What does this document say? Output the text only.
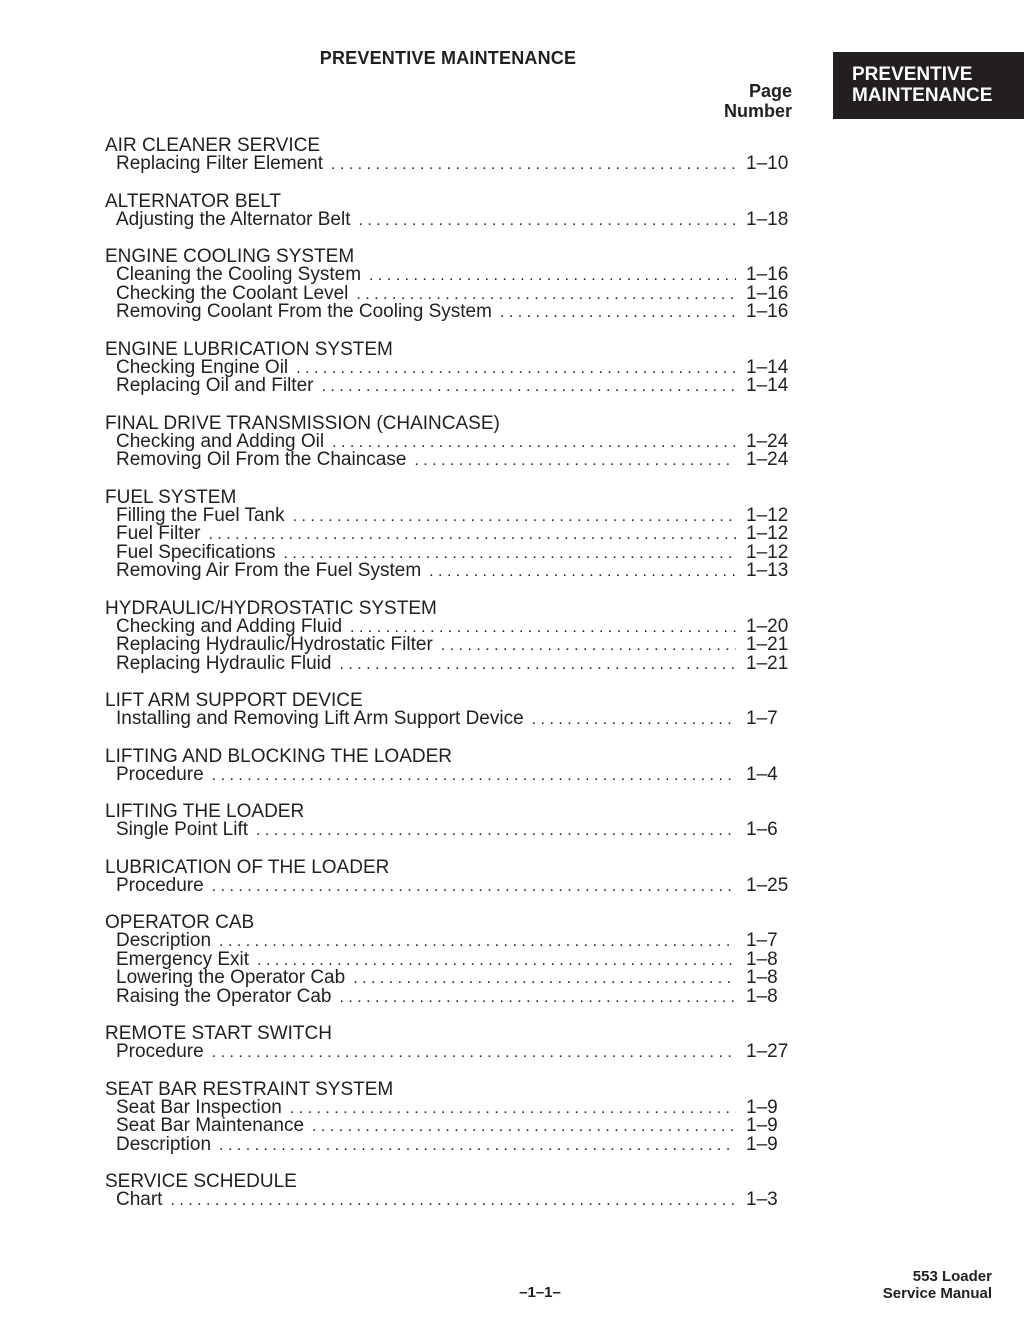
PREVENTIVE MAINTENANCE
PREVENTIVE
MAINTENANCE
Page
Number
AIR CLEANER SERVICE
Replacing Filter Element . . .	1–10
ALTERNATOR BELT
Adjusting the Alternator Belt . . .	1–18
ENGINE COOLING SYSTEM
Cleaning the Cooling System . . .	1–16
Checking the Coolant Level . . .	1–16
Removing Coolant From the Cooling System . . .	1–16
ENGINE LUBRICATION SYSTEM
Checking Engine Oil . . .	1–14
Replacing Oil and Filter . . .	1–14
FINAL DRIVE TRANSMISSION (CHAINCASE)
Checking and Adding Oil . . .	1–24
Removing Oil From the Chaincase . . .	1–24
FUEL SYSTEM
Filling the Fuel Tank . . .	1–12
Fuel Filter . . .	1–12
Fuel Specifications . . .	1–12
Removing Air From the Fuel System . . .	1–13
HYDRAULIC/HYDROSTATIC SYSTEM
Checking and Adding Fluid . . .	1–20
Replacing Hydraulic/Hydrostatic Filter . . .	1–21
Replacing Hydraulic Fluid . . .	1–21
LIFT ARM SUPPORT DEVICE
Installing and Removing Lift Arm Support Device . . .	1–7
LIFTING AND BLOCKING THE LOADER
Procedure . . .	1–4
LIFTING THE LOADER
Single Point Lift . . .	1–6
LUBRICATION OF THE LOADER
Procedure . . .	1–25
OPERATOR CAB
Description . . .	1–7
Emergency Exit . . .	1–8
Lowering the Operator Cab . . .	1–8
Raising the Operator Cab . . .	1–8
REMOTE START SWITCH
Procedure . . .	1–27
SEAT BAR RESTRAINT SYSTEM
Seat Bar Inspection . . .	1–9
Seat Bar Maintenance . . .	1–9
Description . . .	1–9
SERVICE SCHEDULE
Chart . . .	1–3
–1–1–
553 Loader
Service Manual
